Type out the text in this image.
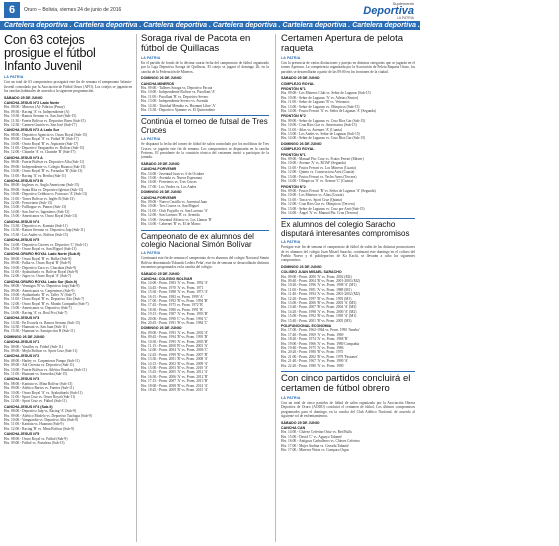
6	Oruro – Bolivia, viernes 24 de junio de 2016
Suplemento
Deportiva
LA PATRIA
Cartelera deportiva . Cartelera deportiva . Cartelera deportiva . Cartelera deportiva . Cartelera deportiva . Cartelera deportiva . Cartelera deportiva . Cartelera deportiva .
Con 63 cotejos prosigue el fútbol Infanto Juvenil
LA PATRIA
Con un total de 63 compromisos prosiguirá este fin de semana el campeonato Infanto-Juvenil controlado por la Asociación de Fútbol Oruro (AFO). Los cotejos se jugarán en los canchas habituales de acuerdo a la siguiente programación.
SÁBADO 25 DE JUNIO
CANCHA JESUS N°2 Lado Norte
Hrs. 08:00.- Mineros (A)- Fábrica (Pmuy)
Hrs. 09:30.- Racing 'A' vs. Independiente (A)
Hrs. 10:30.- Ramos Serrano vs. San José (Sub-15)
Hrs. 11:30.- Fuerte Bolívar vs. Deportivo Buen (Sub-15)
Hrs. 12:30.- Carmen Gastón vs. San José (Sub-17)
CANCHA JESUS N°2 A Lado Sur
Hrs. 08:00.- Deportivo Agencia vs. Oruro Royal (Sub-15)
Hrs. 09:00.- Oruro Royal 'A' vs. Fútbol 'B' (Sub-17)
Hrs. 10:00.- Oruro Royal 'B' vs. Aspirante (Sub-17)
Hrs. 11:00.- Deportivo Vanguardia vs. Bolívar (Sub-15)
Hrs. 12:00.- Chumbe 'A' vs. Chumbe 'B' (Sub-17)
CANCHA JESUS N°3 A
Hrs. 08:00.- Fuerte Bolívar vs. Deportivo Alfa (Sub-11)
Hrs. 09:00.- Independiente vs. Colegio Huanca (Sub-13)
Hrs. 10:00.- Oruro Royal 'B' vs. Fornados 'B' (Sub-13)
Hrs. 11:00.- Racing 'A' vs. Bertha (Sub-11)
CANCHA JESUS N°3 B
Hrs. 08:00.- Ingleses vs. Anglo Americano (Sub-15)
Hrs. 09:00.- Santa Rita vs. Deportivo Iglesias (Sub-13)
Hrs. 10:00.- Deportivo Ceibhaa vs. Fornosos 'A' (Sub-13)
Hrs. 11:00.- Torres Bolívar vs. Inglés B (Sub-13)
Hrs. 12:00.- Ferroviario (Sub-13)
Hrs. 13:00.- Fullbogue vs. Putnos (Sub-13)
Hrs. 14:00.- San José vs. Ingenieros (Sub-13)
Hrs. 15:00.- Americanos vs. Oruro Royal (Sub-13)
CANCHA JESUS N°4
Hrs. 13:30.- Deportivo vs. Kantuta (Sub-11)
Hrs. 14:30.- Ramos Serrano vs. Deportivo Jaip (Sub-11)
Hrs. 15:30.- Los Andes vs. Bolívar (Sub-15)
CANCHA JESUS N°5
Hrs. 14:00.- Deportivo Cáceres vs. Deportivo 'C' (Sub-11)
Hrs. 15:00.- Oruro Royal vs. San Miguel (Sub-13)
CANCHA ORURO ROYAL Lado Norte (Sub-9)
Hrs. 08:00.- Oruro Royal 'B' vs. Hulke (Sub-9)
Hrs. 09:00.- Pulka vs. Oruro Royal 'B' (Sub-9)
Hrs. 10:00.- Deportivo Zaca vs. Chacabas (Sub-9)
Hrs. 11:00.- Ayahuiñuelo vs. Bolívar Royal (Sub-9)
Hrs. 12:00.- Jugos vs. Oruro Royal 'A' (Sub-7)
CANCHA ORURO ROYAL Lado Sur (Sub-9)
Hrs. 08:00.- Vermigos 'B' vs. Deportivo Jaip (Sub-9)
Hrs. 09:00.- Americanos vs. Carpenteros (Sub-9)
Hrs. 10:00.- Ayahuiñuelo 'B' vs. Taller 'A' (Sub-7)
Hrs. 11:00.- Oruro Royal 'B' vs. Deportivo Alto (Sub-7)
Hrs. 12:00.- Oruro Royal 'B' vs. Mundo Compañía (Sub-7)
Hrs. 13:00.- Americanos vs. Deportivo (Sub-7)
Hrs. 14:00.- Racing 'A' vs. Real Pro (Sub-7)
CANCHA JESUS N°3
Hrs. 13:30.- En Escuela vs. Ramos Serrano (Sub-15)
Hrs. 14:30.- Huanuni vs. San Juan (Sub-11)
Hrs. 15:30.- Huanuni vs. Sancipicitos B (Sub-11)
DOMINGO 26 DE JUNIO
CANCHA JESUS N°1
Hrs. 08:00.- Vasallos vs. Fútbol (Sub-11)
Hrs. 09:00.- Mejía Bolívar vs. Sport Cruz (Sub-11)
CANCHA JESUS N°2
Hrs. 08:00.- Harley vs. Carpenteros Pampo (Sub-11)
Hrs. 09:00.- Adi Ceresita vs. Deportivo (Sub-11)
Hrs. 10:00.- Fuerte Bolívar vs. Atlético Bonibus (Sub-11)
Hrs. 11:00.- Huanuni vs. Saavedra (Sub-15)
CANCHA JESUS N°3
Hrs. 08:00.- Kantuta vs. Mina Bolívar (Sub-13)
Hrs. 09:00.- Atlético Bertos vs. Fuertes (Sub-11)
Hrs. 10:00.- Oruro Royal 'A' vs. Ayahuiñuelo (Sub-11)
Hrs. 11:00.- Sport Cruz vs. Oruro Royal (Sub-11)
Hrs. 12:00.- Sport Cruz vs. Fútbol (Sub-11)
CANCHA JESUS N°4 (Sub-9)
Hrs. 08:00.- Deportivo Jaip vs. Racing 'A' (Sub-9)
Hrs. 09:00.- Atlético Modelo vs. Deportivo Taichapa (Sub-9)
Hrs. 10:00.- Vanguardia vs. Deportivo Alfa (Sub-9)
Hrs. 11:00.- Kantuta vs. Huanuni (Sub-9)
Hrs. 12:00.- Racing 'B' vs. Mina Bolívar (Sub-9)
CANCHA JESUS N°5
Hrs. 08:00.- Oruro Royal vs. Fútbol (Sub-9)
Hrs. 09:00.- Fútbol vs. Fortaleza (Sub-13)
Soraga rival de Pacota en fútbol de Quillacas
LA PATRIA
En el partido de fondo de la décima cuarta fecha del campeonato de fútbol organizado por la Liga Deportiva Soraga de Quillacas, El cotejo se jugará el domingo 26, en la cancha de la Federación de Mineros.
DOMINGO 26 DE JUNIO
CANCHA MINEROS
Hrs. 09:00.- Talleres Soraga vs. Deportivo Pacota
Hrs. 10:00.- Independiente Bolívar vs. Pacollani 'A'
Hrs. 11:00.- Pacollani 'B' vs. Deportivo Severo
Hrs. 13:00.- Independiente Severo vs. Avenida
Hrs. 14:30.- Trinidad Mendez vs. Huanuni Libre 'A'
Hrs. 15:30.- Deportivo Ajamme vs. El Quinceañero
Continúa el torneo de futsal de Tres Cruces
LA PATRIA
Se disputará la fecha del torneo de fútbol de salón controlado por los moldistas de Tres Cruces, se jugarán este fin de semana. Los compromisos se disputarán en la cancha Porteras. El presidente de la comisión técnica del certamen invitó a participar de la jornada.
SÁBADO 25 DE JUNIO
CANCHA PORVENIR
Hrs. 14:00.- Juventud Juan vs. 6 de Octubre
Hrs. 15:00.- Avenida vs. Nueva Esperanza
Hrs. 16:00.- Ferreteros vs. Tres Cruces
Hrs. 17:00.- Los Verdes vs. Los Andes
DOMINGO 26 DE JUNIO
CANCHA PORVENIR
Hrs. 09:00.- Nueva Castillo vs. Juventud Juan
Hrs. 10:00.- Tres Cruces vs. San Miguel
Hrs. 11:00.- Club Puyjollo vs. San Lorenzo 'A'
Hrs. 12:00.- San Lorenzo 'B' vs. Avenida
Hrs. 13:00.- Juventud Alfonso vs. Los Llamas 'B'
Hrs. 14:00.- Cabernet 'B' vs. El de Marzo
Campeonato de ex alumnos del colegio Nacional Simón Bolívar
LA PATRIA
Continuará este fin de semana el campeonato de ex alumnos del colegio Nacional Simón Bolívar denominado 'Eduardo Ledeix Peña', este fin de semana se desarrollarán distintos encuentros programados en la cancha del colegio.
SÁBADO 25 DE JUNIO
CANCHA: COLEGIO BOLÍVAR
Hrs. 14:00.- Prom. 1983 'A' vs. Prom. 1992 'A'
Hrs. 14:45.- Prom. 1970 'A' vs. Prom. 1971
Hrs. 15:30.- Prom. 1988 'A' vs. Prom. 1973 'A'
Hrs. 16:15.- Prom. 1983 vs. Prom. 1999 'A'
Hrs. 17:00.- Prom. 1992 'B' vs. Prom. 1994 'B'
Hrs. 17:45.- Prom. 1975 vs. Prom. 1972 'B'
Hrs. 18:30.- Prom. 1980 vs. Prom. 1991 'B'
Hrs. 19:15.- Prom. 1987 'A' vs. Prom. 1993 'B'
Hrs. 20:00.- Prom. 1990 'C' vs. Prom. 1994 'C'
Hrs. 20:45.- Prom. 1991 'B' vs. Prom. 1984 'C'
DOMINGO 26 DE JUNIO
Hrs. 09:00.- Prom. 1993 'A' vs. Prom. 2002 'A'
Hrs. 09:45.- Prom. 1994 'B' vs. Prom. 1995 'B'
Hrs. 10:30.- Prom. 1995 'A' vs. Prom. 2005 'B'
Hrs. 11:15.- Prom. 2000 'B' vs. Prom. 2003 'A'
Hrs. 12:00.- Prom. 2004 'A' vs. Prom. 2006 'C'
Hrs. 12:45.- Prom. 1999 'B' vs. Prom. 2007 'B'
Hrs. 13:30.- Prom. 2001 'B' vs. Prom. 2008 'A'
Hrs. 14:15.- Prom. 2002 'B' vs. Prom. 2009 'A'
Hrs. 15:00.- Prom. 2003 'B' vs. Prom. 2010 'A'
Hrs. 15:45.- Prom. 2005 'A' vs. Prom. 2011 'A'
Hrs. 16:30.- Prom. 2006 'A' vs. Prom. 2012 'B'
Hrs. 17:15.- Prom. 2007 'A' vs. Prom. 2013 'B'
Hrs. 18:00.- Prom. 2008 'B' vs. Prom. 2014 'A'
Hrs. 18:45.- Prom. 2009 'B' vs. Prom. 2015 'A'
Certamen Apertura de pelota raqueta
LA PATRIA
Con la presencia de varias distinciones y parejas en distintas categorías que se jugarán en el torneo Apertura. La competencia organizada por la Asociación de Pelota Raqueta Oruro, los partidos se desarrollarán a partir de las 09:00 en los frontones de la ciudad.
SÁBADO 25 DE JUNIO
COMPLEJO ROYAL
FRONTÓN N°1
Hrs. 09:00.- Los Mineros Club vs. Señor de Lagunas (Sub-15)
Hrs. 10:00.- Señor de Lagunas 'A' vs. Atletas (Senior)
Hrs. 11:00.- Señor de Lagunas 'B' vs. Veteranos
Hrs. 13:00.- Señor de Lagunas vs. Olímpicos (Sub-15)
Hrs. 14:00.- Frutos Ferrari 'A' vs. Señor de Lagunas 'A' (Segunda)
FRONTÓN N°2
Hrs. 09:00.- Señor de Lagunas vs. Cruz Ríos Gar (Sub-15)
Hrs. 10:00.- Cruz Ríos Gar vs. Americanos (Sub-15)
Hrs. 11:00.- Atlas vs. Avenues 'A' (Cuarta)
Hrs. 13:00.- Los Andes vs. Señor de Lagunas (Sub-15)
Hrs. 14:00.- Señor de Lagunas vs. Cruz Ríos Gar (Sub-15)
DOMINGO 26 DE JUNIO
COMPLEJO ROYAL
FRONTÓN N°1
Hrs. 09:00.- Manual Pin. Cruz vs. Frutos Ferrari (Máster)
Hrs. 10:00.- Avenue 'A' vs. ROAF (Segunda)
Hrs. 11:00.- Frutos Ferrari vs. Los Mineros (Cuarta)
Hrs. 12:00.- Quinto vs. Constructora Arist (Cuarta)
Hrs. 13:00.- Frutos Ferrari vs. Tecler Arms (Tercera)
Hrs. 14:00.- Olímpicos 'A' vs. Avenue 'C' (Cuarta)
FRONTÓN N°2
Hrs. 09:00.- Frutos Ferrari 'B' vs. Señor de Lagunas 'A' (Segunda)
Hrs. 10:00.- Los Mineros vs. Altas (Cuarta)
Hrs. 11:00.- Tusca vs. Sport Cruz (Quinta)
Hrs. 12:00.- Cruz Ríos Gar vs. Olímpicos (Tercera)
Hrs. 13:00.- Señor de Lagunas vs. Cruz por Arrá (Sub-15)
Hrs. 14:00.- Ángel 'A' vs. Manual Pin. Cruz (Tercera)
Ex alumnos del colegio Saracho disputará interesantes compromisos
LA PATRIA
Prosigue este fin de semana el campeonato de fútbol de salón de las distintas promociones de ex alumnos del colegio Juan Misael Saracho, continuará este domingo en el coliseo del Pueblo Nuevo y el polideportivo de Ka Kachi, se llevarán a cabo los siguientes compromisos.
DOMINGO 26 DE JUNIO
COLISEO JUAN MISAEL SARACHO
Hrs. 09:00.- Prom. 2000 'A' vs. Prom. 2002 (M2)
Hrs. 09:40.- Prom. 2004 'B' vs. Prom. 2001-2003 (M2)
Hrs. 10:20.- Prom. 1996 'A' vs. Prom. 1998 'A' (M1)
Hrs. 11:00.- Prom. 1981 'A' vs. Prom. 1988 (M1)
Hrs. 11:40.- Prom. 1994 'A' vs. Prom. 2001-2002 (M2)
Hrs. 12:20.- Prom. 1997 'B' vs. Prom. 1993 (M1)
Hrs. 13:00.- Prom. 2006 'B' vs. Prom. 2003 'A' (M3)
Hrs. 13:40.- Prom. 2007 'B' vs. Prom. 2004 'A' (M3)
Hrs. 14:20.- Prom. 1998 'A' vs. Prom. 2000 'A' (M2)
Hrs. 15:00.- Prom. 1992 'B' vs. Prom. 1995 'A' (M1)
Hrs. 15:40.- Prom. 2001 'B' vs. Prom. 2005 (M3)
POLIFUNCIONAL ECONOMIA
Hrs. 17:00.- Prom. 1962-1964 vs. Prom. 1990 'Ameba'
Hrs. 17:40.- Prom. 1969 'A' vs. Prom. 1969
Hrs. 18:20.- Prom. 1974 'A' vs. Prom. 1968 'B'
Hrs. 19:00.- Prom. 1966 'A' vs. Prom. 1980 Compañía
Hrs. 19:40.- Prom. 1975 'A' vs. Prom. 1986
Hrs. 20:20.- Prom. 1980 'B' vs. Prom. 1975
Hrs. 21:00.- Prom. 2002 'B' vs. Prom. 1979 'Pasiones'
Hrs. 21:40.- Prom. 1967 'A' vs. Prom. 1990 'A'
Hrs. 22:20.- Prom. 1980 'A' vs. Prom. 1990
Con cinco partidos concluirá el certamen de fútbol obrero
LA PATRIA
Con un total de cinco partidos de fútbol de salón organizado por la Asociación Obrera Deportiva de Oruro (AODO) concluirá el certamen de fútbol. Los últimos compromisos programados para el domingo, en la cancha del Club Atlético Nacional, de acuerdo al siguiente rol de enfrentamientos.
SÁBADO 25 DE JUNIO
CANCHA CAN
Hrs. 14:00.- Chávez Ceferino Ortiz vs. Red Bulls
Hrs. 15:00.- David 'C' vs. Aguayo Tabanté
Hrs. 16:00.- Antiguos Carballeros vs. Chávez Ceferino
Hrs. 17:00.- Mujer Andina vs. Cerrada Tabanté
Hrs. 17:00.- Mineros Warts vs. Comparo Orgas
